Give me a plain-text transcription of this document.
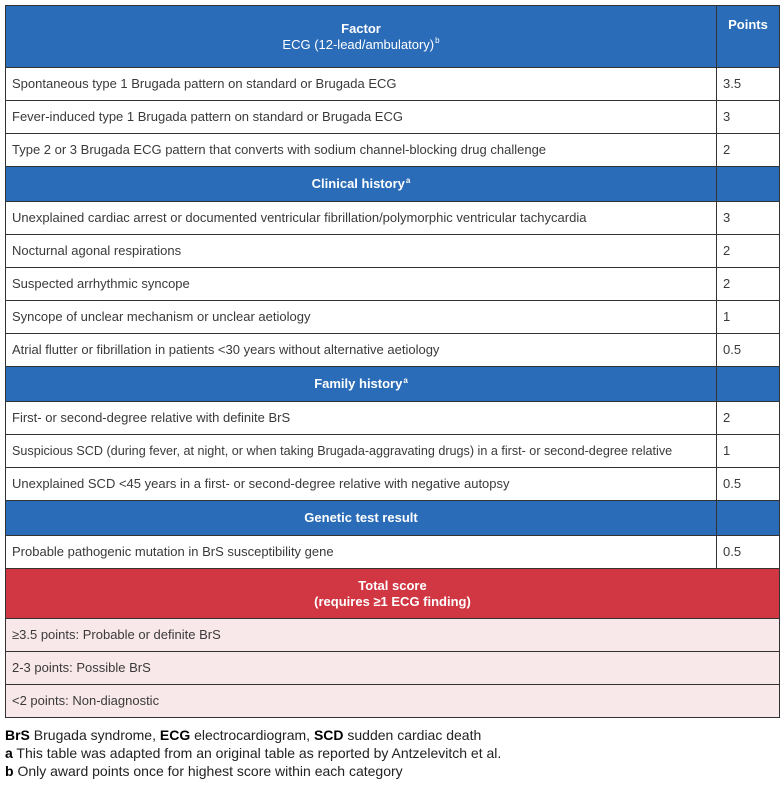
Factor
ECG (12-lead/ambulatory)$^b$	Points
Spontaneous type 1 Brugada pattern on standard or Brugada ECG	3.5
Fever-induced type 1 Brugada pattern on standard or Brugada ECG	3
Type 2 or 3 Brugada ECG pattern that converts with sodium channel-blocking drug challenge	2
Clinical history$^a$	
Unexplained cardiac arrest or documented ventricular fibrillation/polymorphic ventricular tachycardia	3
Nocturnal agonal respirations	2
Suspected arrhythmic syncope	2
Syncope of unclear mechanism or unclear aetiology	1
Atrial flutter or fibrillation in patients <30 years without alternative aetiology	0.5
Family history$^a$	
First- or second-degree relative with definite BrS	2
Suspicious SCD (during fever, at night, or when taking Brugada-aggravating drugs) in a first- or second-degree relative	1
Unexplained SCD <45 years in a first- or second-degree relative with negative autopsy	0.5
Genetic test result	
Probable pathogenic mutation in BrS susceptibility gene	0.5
Total score
(requires ≥1 ECG finding)	

≥3.5 points: Probable or definite BrS	
2-3 points: Possible BrS	
<2 points: Non-diagnostic	
BrS Brugada syndrome, ECG electrocardiogram, SCD sudden cardiac death
a This table was adapted from an original table as reported by Antzelevitch et al.
b Only award points once for highest score within each category
